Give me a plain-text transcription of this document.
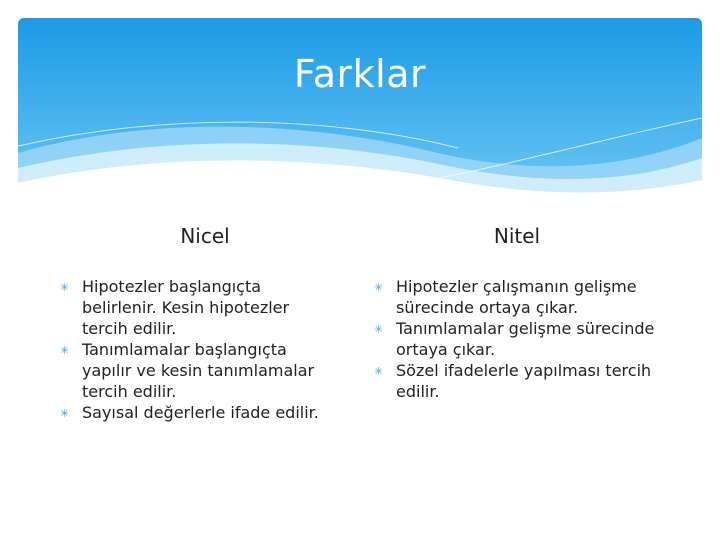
Farklar
Nicel	Nitel
✳ Hipotezler başlangıçta belirlenir. Kesin hipotezler tercih edilir.
✳ Tanımlamalar başlangıçta yapılır ve kesin tanımlamalar tercih edilir.
✳ Sayısal değerlerle ifade edilir.
✳ Hipotezler çalışmanın gelişme sürecinde ortaya çıkar.
✳ Tanımlamalar gelişme sürecinde ortaya çıkar.
✳ Sözel ifadelerle yapılması tercih edilir.
